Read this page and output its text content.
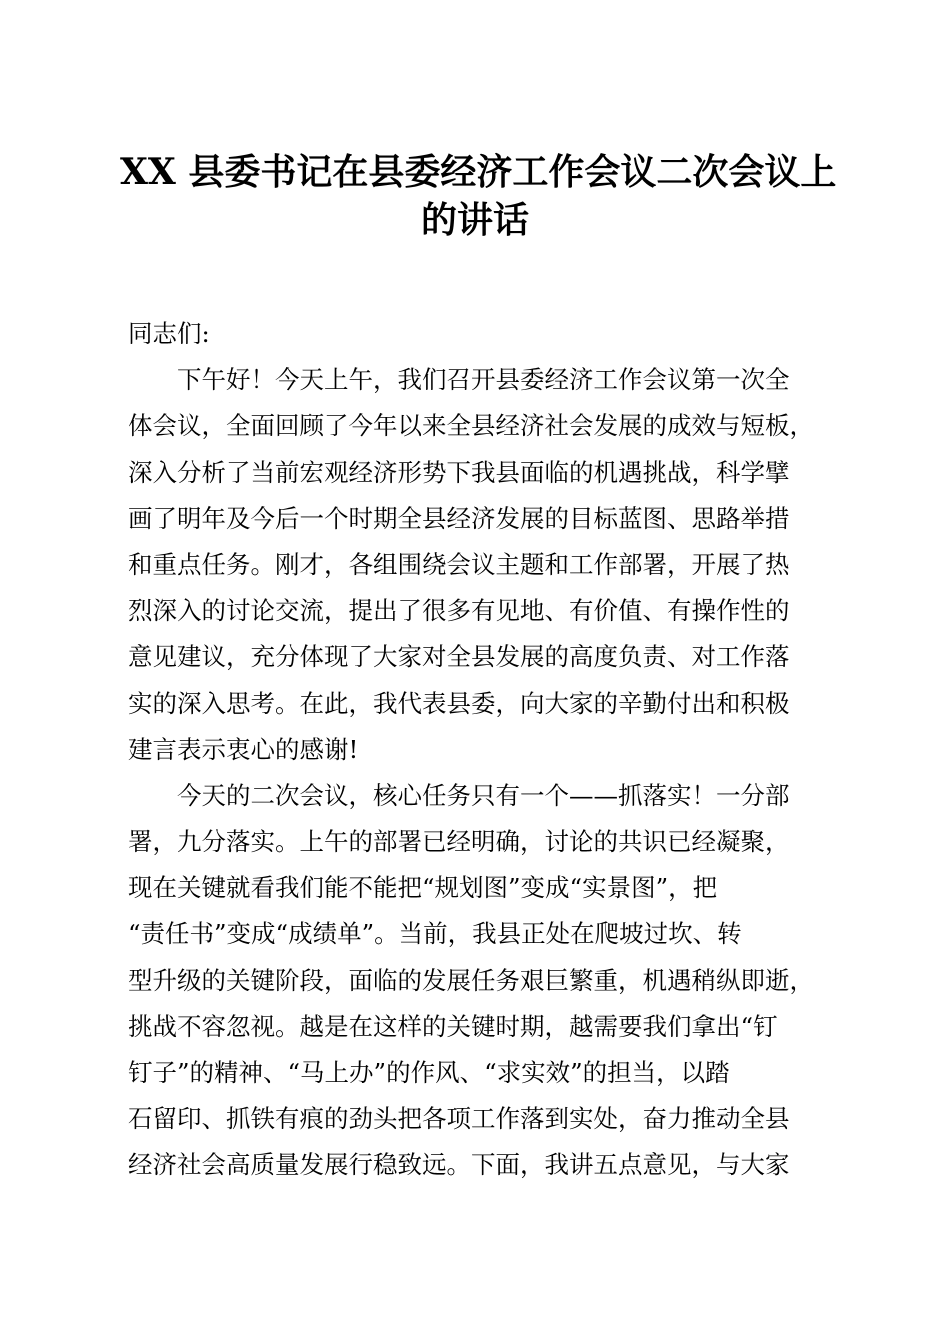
XX 县委书记在县委经济工作会议二次会议上
的讲话
同志们:
下午好！今天上午，我们召开县委经济工作会议第一次全
体会议，全面回顾了今年以来全县经济社会发展的成效与短板，
深入分析了当前宏观经济形势下我县面临的机遇挑战，科学擘
画了明年及今后一个时期全县经济发展的目标蓝图、思路举措
和重点任务。刚才，各组围绕会议主题和工作部署，开展了热
烈深入的讨论交流，提出了很多有见地、有价值、有操作性的
意见建议，充分体现了大家对全县发展的高度负责、对工作落
实的深入思考。在此，我代表县委，向大家的辛勤付出和积极
建言表示衷心的感谢!
今天的二次会议，核心任务只有一个——抓落实！一分部
署，九分落实。上午的部署已经明确，讨论的共识已经凝聚，
现在关键就看我们能不能把“规划图”变成“实景图”，把
“责任书”变成“成绩单”。当前，我县正处在爬坡过坎、转
型升级的关键阶段，面临的发展任务艰巨繁重，机遇稍纵即逝，
挑战不容忽视。越是在这样的关键时期，越需要我们拿出“钉
钉子”的精神、“马上办”的作风、“求实效”的担当，以踏
石留印、抓铁有痕的劲头把各项工作落到实处，奋力推动全县
经济社会高质量发展行稳致远。下面，我讲五点意见，与大家
